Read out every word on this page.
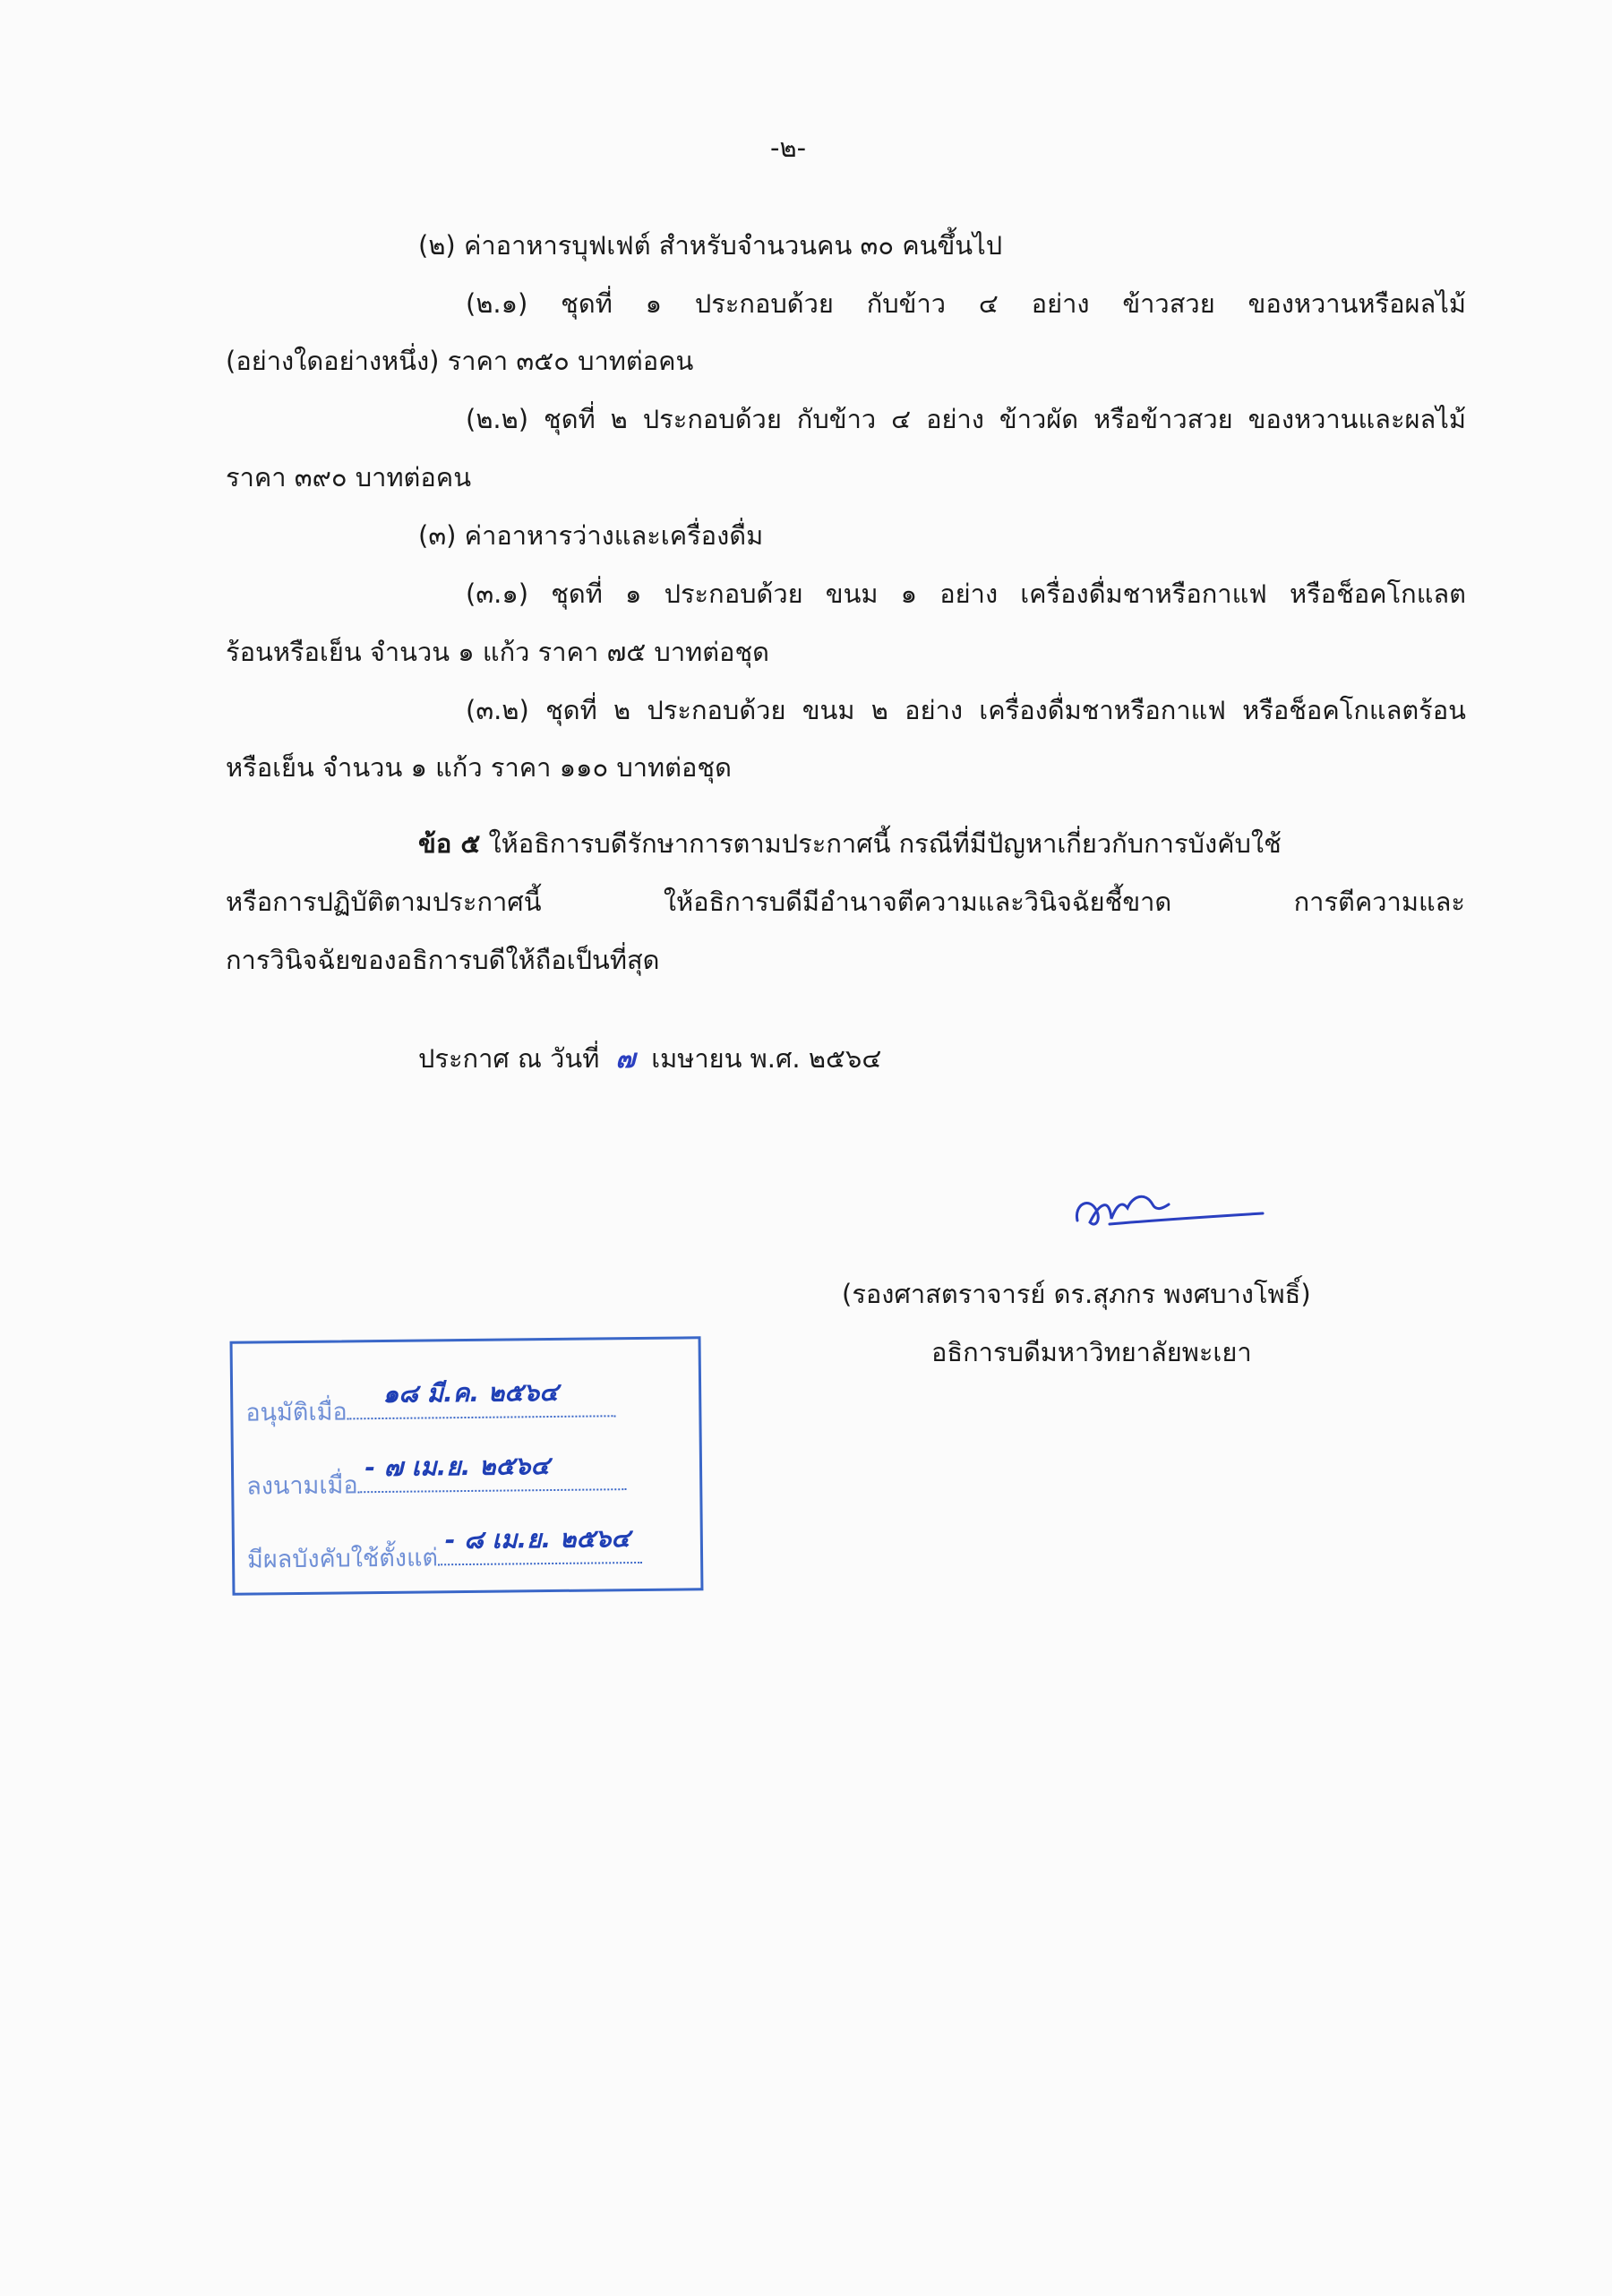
-๒-
(๒) ค่าอาหารบุฟเฟต์ สำหรับจำนวนคน ๓๐ คนขึ้นไป
(๒.๑) ชุดที่ ๑ ประกอบด้วย กับข้าว ๔ อย่าง ข้าวสวย ของหวานหรือผลไม้
(อย่างใดอย่างหนึ่ง) ราคา ๓๕๐ บาทต่อคน
(๒.๒) ชุดที่ ๒ ประกอบด้วย กับข้าว ๔ อย่าง ข้าวผัด หรือข้าวสวย ของหวานและผลไม้
ราคา ๓๙๐ บาทต่อคน
(๓) ค่าอาหารว่างและเครื่องดื่ม
(๓.๑) ชุดที่ ๑ ประกอบด้วย ขนม ๑ อย่าง เครื่องดื่มชาหรือกาแฟ หรือช็อคโกแลต
ร้อนหรือเย็น จำนวน ๑ แก้ว ราคา ๗๕ บาทต่อชุด
(๓.๒) ชุดที่ ๒ ประกอบด้วย ขนม ๒ อย่าง เครื่องดื่มชาหรือกาแฟ หรือช็อคโกแลตร้อน
หรือเย็น จำนวน ๑ แก้ว ราคา ๑๑๐ บาทต่อชุด
ข้อ ๕ ให้อธิการบดีรักษาการตามประกาศนี้ กรณีที่มีปัญหาเกี่ยวกับการบังคับใช้
หรือการปฏิบัติตามประกาศนี้ ให้อธิการบดีมีอำนาจตีความและวินิจฉัยชี้ขาด การตีความและ
การวินิจฉัยของอธิการบดีให้ถือเป็นที่สุด
ประกาศ ณ วันที่ ๗ เมษายน พ.ศ. ๒๕๖๔
(รองศาสตราจารย์ ดร.สุภกร พงศบางโพธิ์)
อธิการบดีมหาวิทยาลัยพะเยา
อนุมัติเมื่อ
๑๘ มี.ค. ๒๕๖๔
ลงนามเมื่อ
- ๗ เม.ย. ๒๕๖๔
มีผลบังคับใช้ตั้งแต่
- ๘ เม.ย. ๒๕๖๔
